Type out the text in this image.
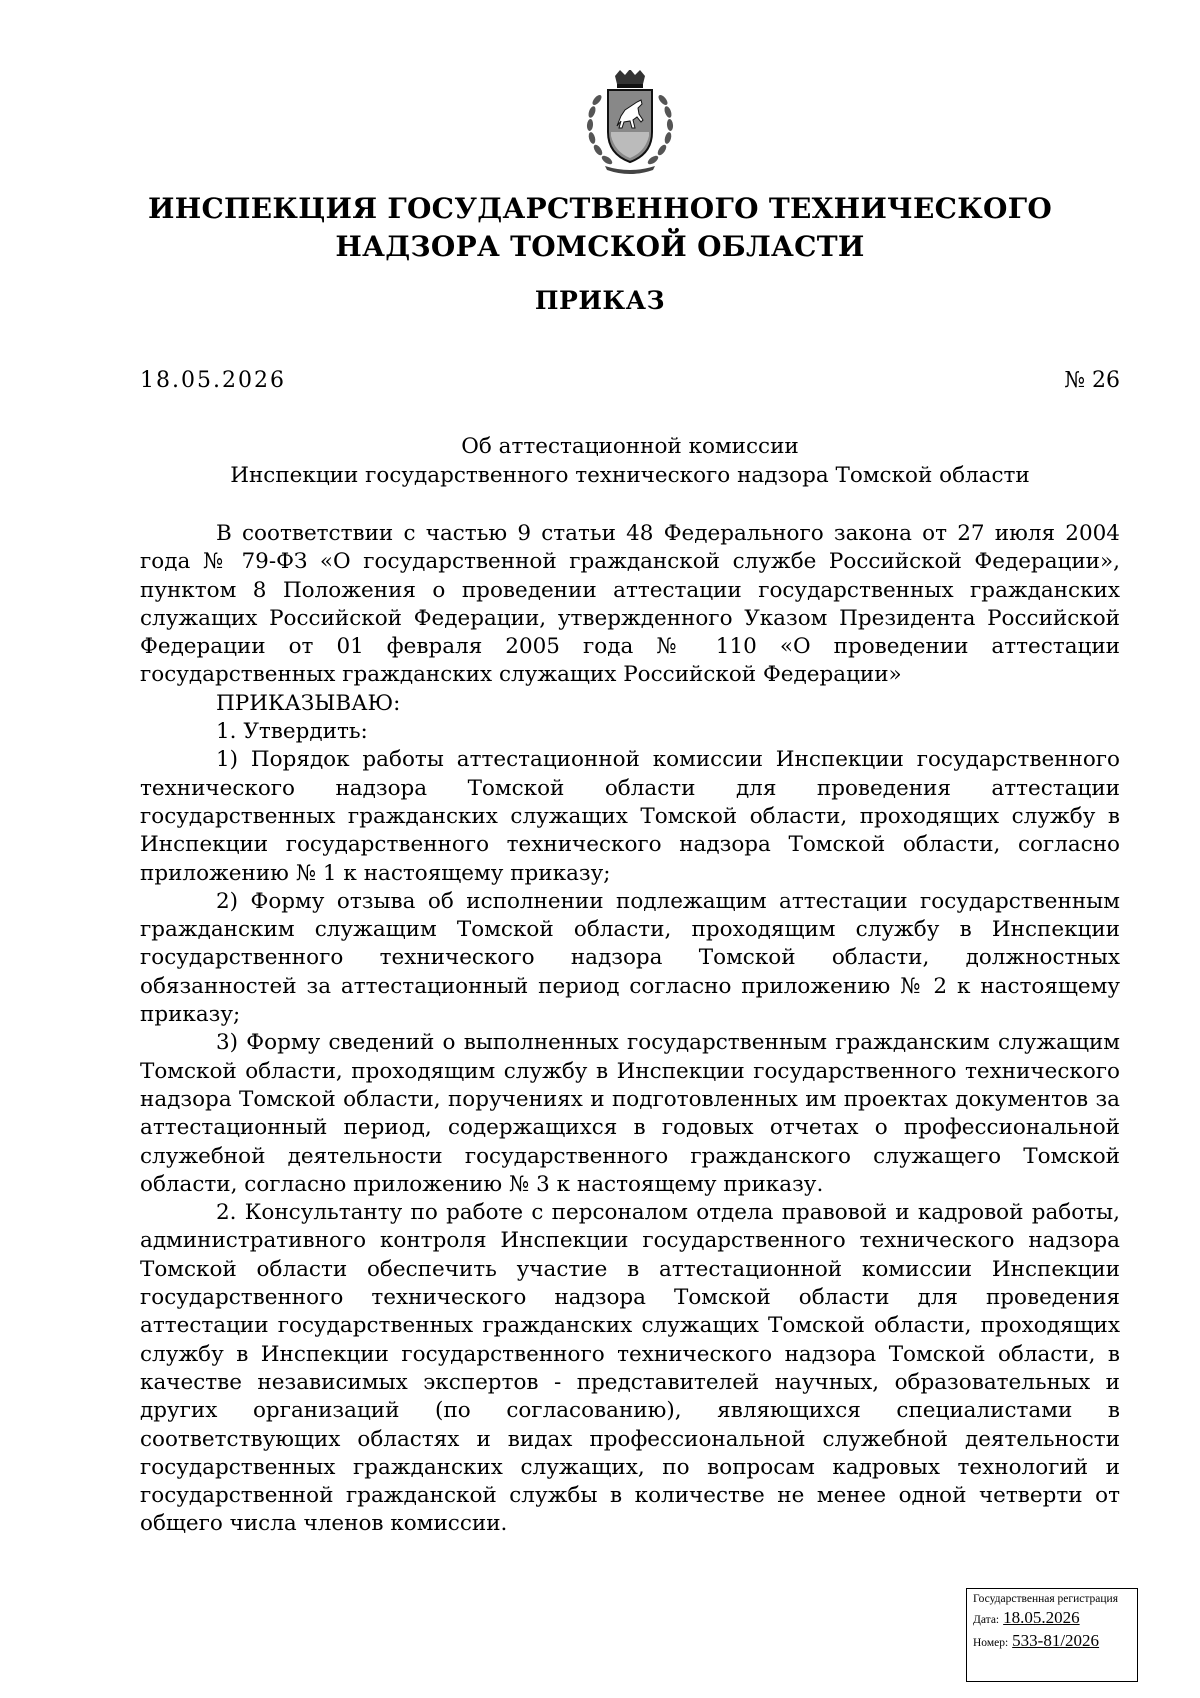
ИНСПЕКЦИЯ ГОСУДАРСТВЕННОГО ТЕХНИЧЕСКОГО
НАДЗОРА ТОМСКОЙ ОБЛАСТИ
ПРИКАЗ
18.05.2026	№ 26
Об аттестационной комиссии
Инспекции государственного технического надзора Томской области

В соответствии с частью 9 статьи 48 Федерального закона от 27 июля 2004 года № 79-ФЗ «О государственной гражданской службе Российской Федерации», пунктом 8 Положения о проведении аттестации государственных гражданских служащих Российской Федерации, утвержденного Указом Президента Российской Федерации от 01 февраля 2005 года № 110 «О проведении аттестации государственных гражданских служащих Российской Федерации»

ПРИКАЗЫВАЮ:

1. Утвердить:

1) Порядок работы аттестационной комиссии Инспекции государственного технического надзора Томской области для проведения аттестации государственных гражданских служащих Томской области, проходящих службу в Инспекции государственного технического надзора Томской области, согласно приложению № 1 к настоящему приказу;

2) Форму отзыва об исполнении подлежащим аттестации государственным гражданским служащим Томской области, проходящим службу в Инспекции государственного технического надзора Томской области, должностных обязанностей за аттестационный период согласно приложению № 2 к настоящему приказу;

3) Форму сведений о выполненных государственным гражданским служащим Томской области, проходящим службу в Инспекции государственного технического надзора Томской области, поручениях и подготовленных им проектах документов за аттестационный период, содержащихся в годовых отчетах о профессиональной служебной деятельности государственного гражданского служащего Томской области, согласно приложению № 3 к настоящему приказу.

2. Консультанту по работе с персоналом отдела правовой и кадровой работы, административного контроля Инспекции государственного технического надзора Томской области обеспечить участие в аттестационной комиссии Инспекции государственного технического надзора Томской области для проведения аттестации государственных гражданских служащих Томской области, проходящих службу в Инспекции государственного технического надзора Томской области, в качестве независимых экспертов - представителей научных, образовательных и других организаций (по согласованию), являющихся специалистами в соответствующих областях и видах профессиональной служебной деятельности государственных гражданских служащих, по вопросам кадровых технологий и государственной гражданской службы в количестве не менее одной четверти от общего числа членов комиссии.

Государственная регистрация
Дата: 18.05.2026
Номер: 533-81/2026
